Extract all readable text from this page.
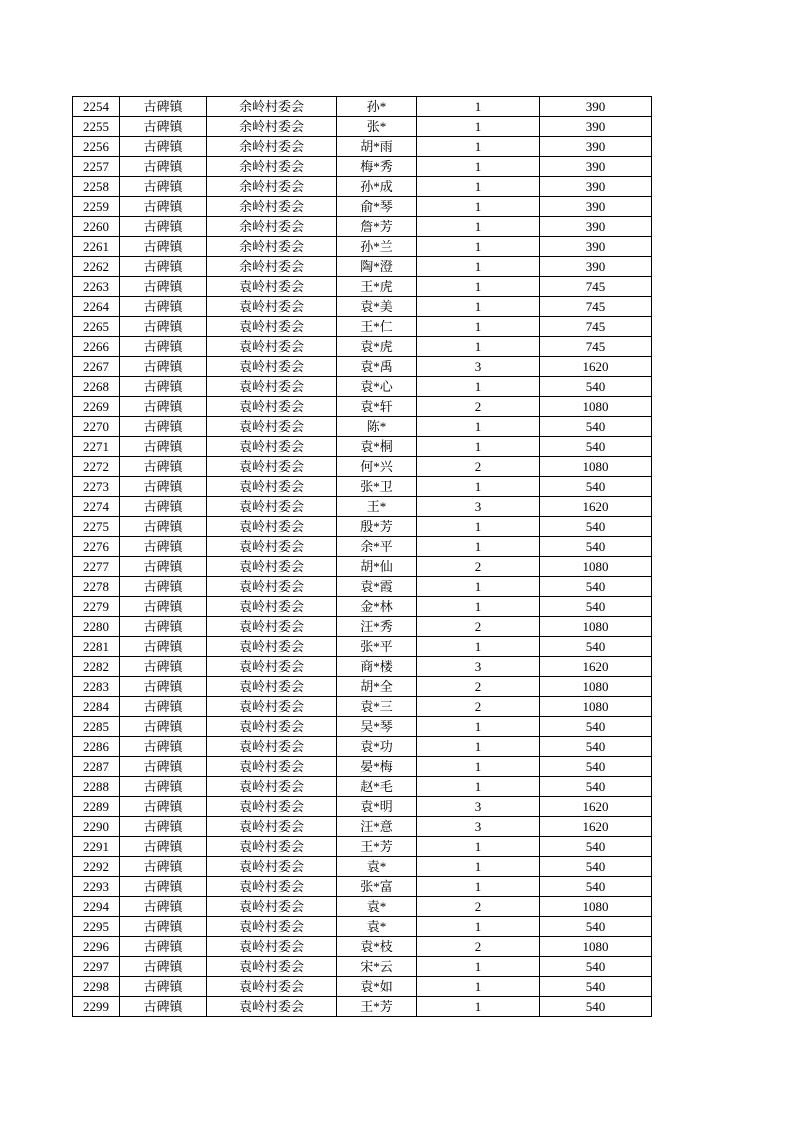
2254	古碑镇	余岭村委会	孙*	1	390
2255	古碑镇	余岭村委会	张*	1	390
2256	古碑镇	余岭村委会	胡*雨	1	390
2257	古碑镇	余岭村委会	梅*秀	1	390
2258	古碑镇	余岭村委会	孙*成	1	390
2259	古碑镇	余岭村委会	俞*琴	1	390
2260	古碑镇	余岭村委会	詹*芳	1	390
2261	古碑镇	余岭村委会	孙*兰	1	390
2262	古碑镇	余岭村委会	陶*澄	1	390
2263	古碑镇	袁岭村委会	王*虎	1	745
2264	古碑镇	袁岭村委会	袁*美	1	745
2265	古碑镇	袁岭村委会	王*仁	1	745
2266	古碑镇	袁岭村委会	袁*虎	1	745
2267	古碑镇	袁岭村委会	袁*禹	3	1620
2268	古碑镇	袁岭村委会	袁*心	1	540
2269	古碑镇	袁岭村委会	袁*轩	2	1080
2270	古碑镇	袁岭村委会	陈*	1	540
2271	古碑镇	袁岭村委会	袁*桐	1	540
2272	古碑镇	袁岭村委会	何*兴	2	1080
2273	古碑镇	袁岭村委会	张*卫	1	540
2274	古碑镇	袁岭村委会	王*	3	1620
2275	古碑镇	袁岭村委会	殷*芳	1	540
2276	古碑镇	袁岭村委会	余*平	1	540
2277	古碑镇	袁岭村委会	胡*仙	2	1080
2278	古碑镇	袁岭村委会	袁*霞	1	540
2279	古碑镇	袁岭村委会	金*林	1	540
2280	古碑镇	袁岭村委会	汪*秀	2	1080
2281	古碑镇	袁岭村委会	张*平	1	540
2282	古碑镇	袁岭村委会	商*楼	3	1620
2283	古碑镇	袁岭村委会	胡*全	2	1080
2284	古碑镇	袁岭村委会	袁*三	2	1080
2285	古碑镇	袁岭村委会	吴*琴	1	540
2286	古碑镇	袁岭村委会	袁*功	1	540
2287	古碑镇	袁岭村委会	晏*梅	1	540
2288	古碑镇	袁岭村委会	赵*毛	1	540
2289	古碑镇	袁岭村委会	袁*明	3	1620
2290	古碑镇	袁岭村委会	汪*意	3	1620
2291	古碑镇	袁岭村委会	王*芳	1	540
2292	古碑镇	袁岭村委会	袁*	1	540
2293	古碑镇	袁岭村委会	张*富	1	540
2294	古碑镇	袁岭村委会	袁*	2	1080
2295	古碑镇	袁岭村委会	袁*	1	540
2296	古碑镇	袁岭村委会	袁*枝	2	1080
2297	古碑镇	袁岭村委会	宋*云	1	540
2298	古碑镇	袁岭村委会	袁*如	1	540
2299	古碑镇	袁岭村委会	王*芳	1	540
